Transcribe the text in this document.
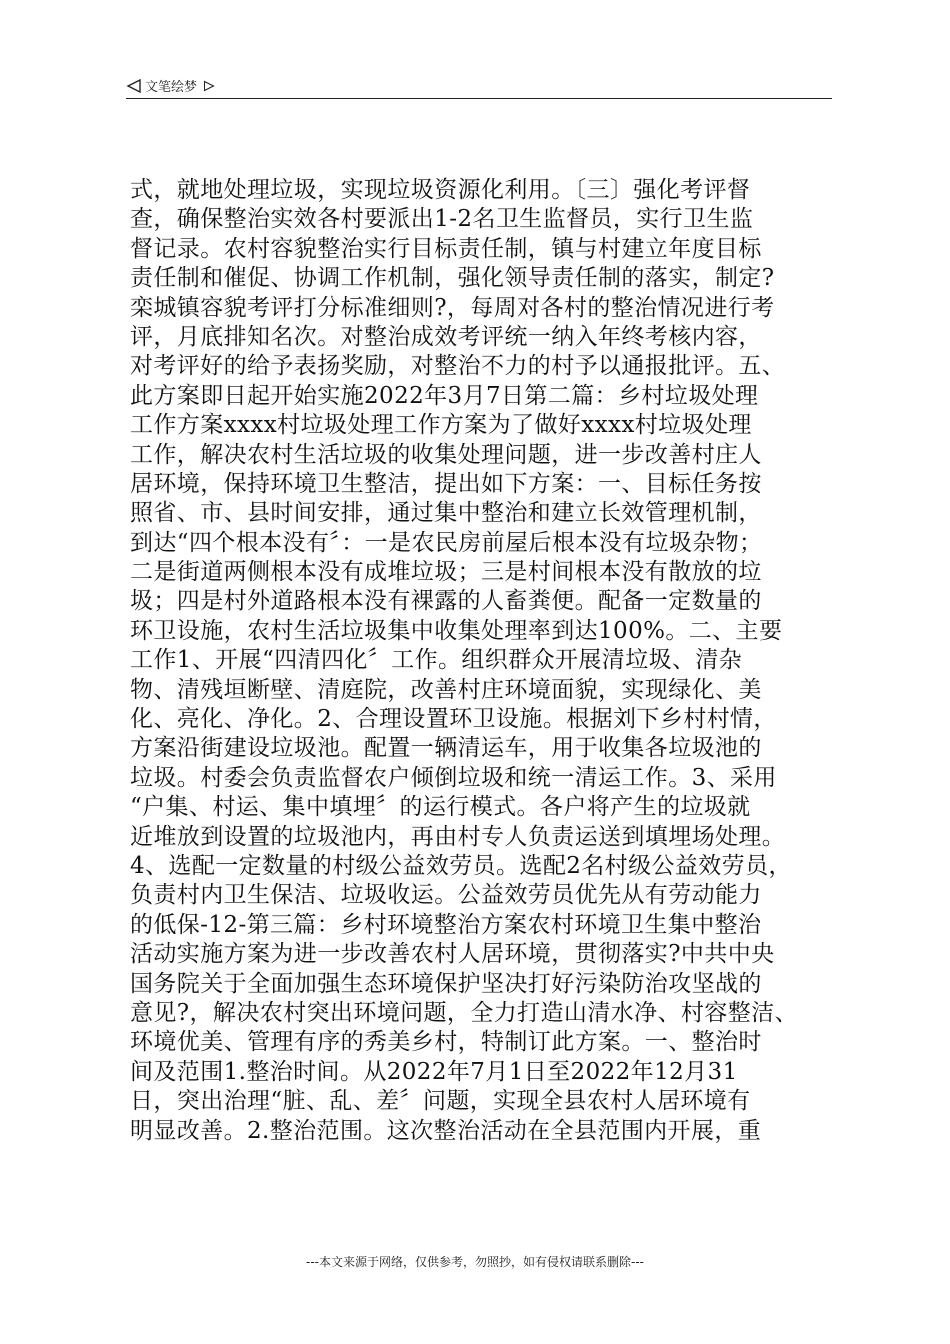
文笔绘梦
式，就地处理垃圾，实现垃圾资源化利用。〔三〕强化考评督
查，确保整治实效各村要派出1-2名卫生监督员，实行卫生监
督记录。农村容貌整治实行目标责任制，镇与村建立年度目标
责任制和催促、协调工作机制，强化领导责任制的落实，制定?
栾城镇容貌考评打分标准细则?，每周对各村的整治情况进行考
评，月底排知名次。对整治成效考评统一纳入年终考核内容，
对考评好的给予表扬奖励，对整治不力的村予以通报批评。五、
此方案即日起开始实施2022年3月7日第二篇：乡村垃圾处理
工作方案xxxx村垃圾处理工作方案为了做好xxxx村垃圾处理
工作，解决农村生活垃圾的收集处理问题，进一步改善村庄人
居环境，保持环境卫生整洁，提出如下方案：一、目标任务按
照省、市、县时间安排，通过集中整治和建立长效管理机制，
到达“四个根本没有〞：一是农民房前屋后根本没有垃圾杂物；
二是街道两侧根本没有成堆垃圾；三是村间根本没有散放的垃
圾；四是村外道路根本没有裸露的人畜粪便。配备一定数量的
环卫设施，农村生活垃圾集中收集处理率到达100%。二、主要
工作1、开展“四清四化〞工作。组织群众开展清垃圾、清杂
物、清残垣断壁、清庭院，改善村庄环境面貌，实现绿化、美
化、亮化、净化。2、合理设置环卫设施。根据刘下乡村村情，
方案沿街建设垃圾池。配置一辆清运车，用于收集各垃圾池的
垃圾。村委会负责监督农户倾倒垃圾和统一清运工作。3、采用
“户集、村运、集中填埋〞的运行模式。各户将产生的垃圾就
近堆放到设置的垃圾池内，再由村专人负责运送到填埋场处理。
4、选配一定数量的村级公益效劳员。选配2名村级公益效劳员，
负责村内卫生保洁、垃圾收运。公益效劳员优先从有劳动能力
的低保-12-第三篇：乡村环境整治方案农村环境卫生集中整治
活动实施方案为进一步改善农村人居环境，贯彻落实?中共中央
国务院关于全面加强生态环境保护坚决打好污染防治攻坚战的
意见?，解决农村突出环境问题，全力打造山清水净、村容整洁、
环境优美、管理有序的秀美乡村，特制订此方案。一、整治时
间及范围1.整治时间。从2022年7月1日至2022年12月31
日，突出治理“脏、乱、差〞问题，实现全县农村人居环境有
明显改善。2.整治范围。这次整治活动在全县范围内开展，重
---本文来源于网络，仅供参考，勿照抄，如有侵权请联系删除---
